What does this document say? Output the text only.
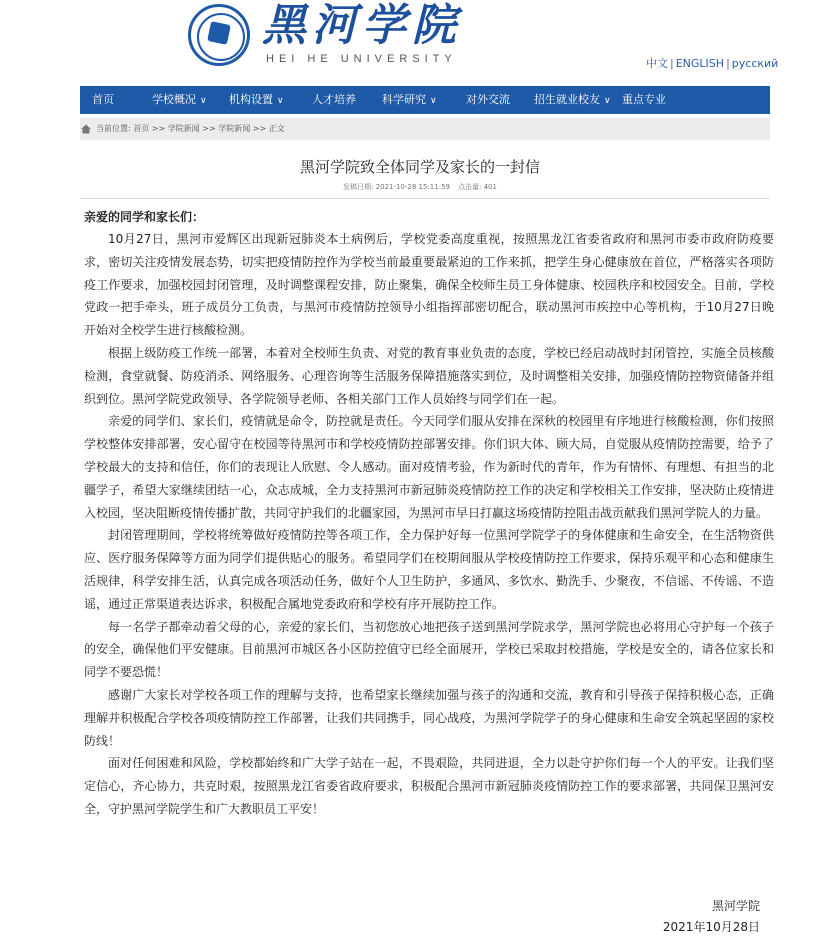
黑河学院
HEI HE UNIVERSITY	中文 | ENGLISH | русский
首页	学校概况 ∨ 机构设置 ∨	人才培养 科学研究 ∨	对外交流 招生就业校友 ∨ 重点专业
当前位置: 首页 >> 学院新闻 >> 学院新闻 >> 正文
黑河学院致全体同学及家长的一封信
发稿日期: 2021-10-28 15:11:59 点击量: 401

亲爱的同学和家长们：

10月27日，黑河市爱辉区出现新冠肺炎本土病例后，学校党委高度重视，按照黑龙江省委省政府和黑河市委市政府防疫要求，密切关注疫情发展态势，切实把疫情防控作为学校当前最重要最紧迫的工作来抓，把学生身心健康放在首位，严格落实各项防疫工作要求，加强校园封闭管理，及时调整课程安排，防止聚集，确保全校师生员工身体健康、校园秩序和校园安全。目前，学校党政一把手牵头，班子成员分工负责，与黑河市疫情防控领导小组指挥部密切配合，联动黑河市疾控中心等机构，于10月27日晚开始对全校学生进行核酸检测。

根据上级防疫工作统一部署，本着对全校师生负责、对党的教育事业负责的态度，学校已经启动战时封闭管控，实施全员核酸检测，食堂就餐、防疫消杀、网络服务、心理咨询等生活服务保障措施落实到位，及时调整相关安排，加强疫情防控物资储备并组织到位。黑河学院党政领导、各学院领导老师、各相关部门工作人员始终与同学们在一起。

亲爱的同学们、家长们，疫情就是命令，防控就是责任。今天同学们服从安排在深秋的校园里有序地进行核酸检测，你们按照学校整体安排部署，安心留守在校园等待黑河市和学校疫情防控部署安排。你们识大体、顾大局，自觉服从疫情防控需要，给予了学校最大的支持和信任，你们的表现让人欣慰、令人感动。面对疫情考验，作为新时代的青年，作为有情怀、有理想、有担当的北疆学子，希望大家继续团结一心，众志成城，全力支持黑河市新冠肺炎疫情防控工作的决定和学校相关工作安排，坚决防止疫情进入校园，坚决阻断疫情传播扩散，共同守护我们的北疆家园，为黑河市早日打赢这场疫情防控阻击战贡献我们黑河学院人的力量。

封闭管理期间，学校将统筹做好疫情防控等各项工作，全力保护好每一位黑河学院学子的身体健康和生命安全，在生活物资供应、医疗服务保障等方面为同学们提供贴心的服务。希望同学们在校期间服从学校疫情防控工作要求，保持乐观平和心态和健康生活规律，科学安排生活，认真完成各项活动任务，做好个人卫生防护，多通风、多饮水、勤洗手、少聚夜，不信谣、不传谣、不造谣，通过正常渠道表达诉求，积极配合属地党委政府和学校有序开展防控工作。

每一名学子都牵动着父母的心，亲爱的家长们，当初您放心地把孩子送到黑河学院求学，黑河学院也必将用心守护每一个孩子的安全，确保他们平安健康。目前黑河市城区各小区防控值守已经全面展开，学校已采取封校措施，学校是安全的，请各位家长和同学不要恐慌！

感谢广大家长对学校各项工作的理解与支持，也希望家长继续加强与孩子的沟通和交流，教育和引导孩子保持积极心态，正确理解并积极配合学校各项疫情防控工作部署，让我们共同携手，同心战疫，为黑河学院学子的身心健康和生命安全筑起坚固的家校防线！

面对任何困难和风险，学校都始终和广大学子站在一起，不畏艰险，共同进退，全力以赴守护你们每一个人的平安。让我们坚定信心，齐心协力，共克时艰，按照黑龙江省委省政府要求，积极配合黑河市新冠肺炎疫情防控工作的要求部署，共同保卫黑河安全，守护黑河学院学生和广大教职员工平安！

黑河学院
2021年10月28日
